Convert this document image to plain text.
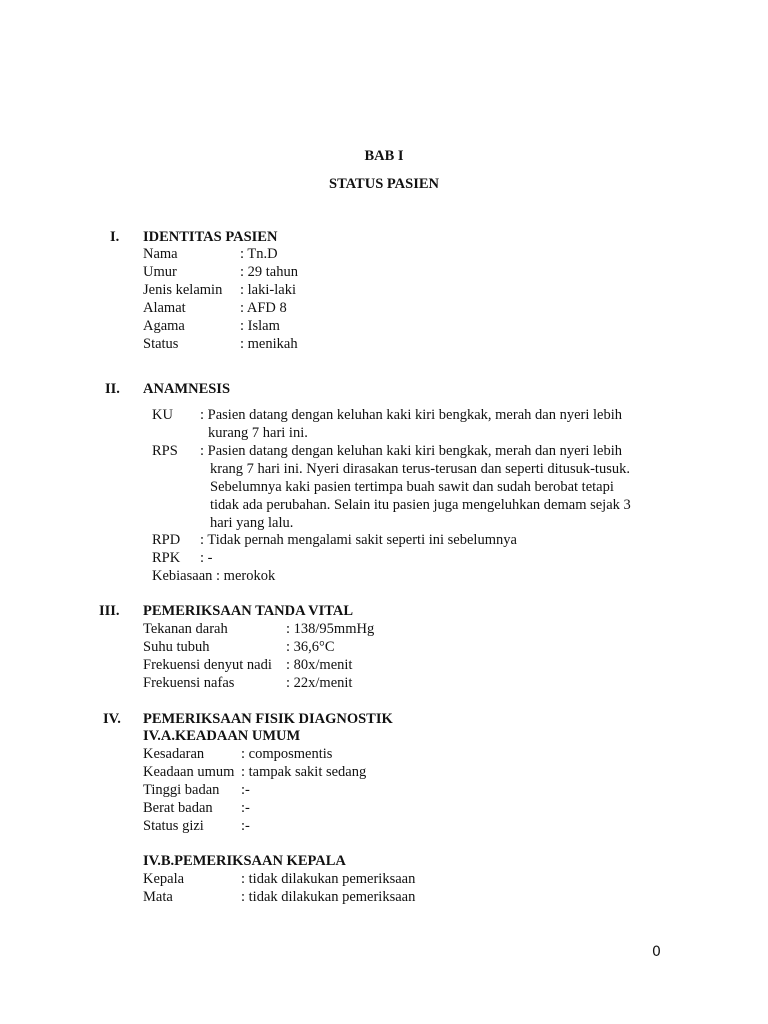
BAB I
STATUS PASIEN
I. IDENTITAS PASIEN
Nama	: Tn.D
Umur	: 29 tahun
Jenis kelamin : laki-laki
Alamat	: AFD 8
Agama	: Islam
Status	: menikah
II. ANAMNESIS
KU : Pasien datang dengan keluhan kaki kiri bengkak, merah dan nyeri lebih
kurang 7 hari ini.
RPS : Pasien datang dengan keluhan kaki kiri bengkak, merah dan nyeri lebih
krang 7 hari ini. Nyeri dirasakan terus-terusan dan seperti ditusuk-tusuk.
Sebelumnya kaki pasien tertimpa buah sawit dan sudah berobat tetapi
tidak ada perubahan. Selain itu pasien juga mengeluhkan demam sejak 3
hari yang lalu.
RPD : Tidak pernah mengalami sakit seperti ini sebelumnya
RPK : -
Kebiasaan : merokok
III. PEMERIKSAAN TANDA VITAL
Tekanan darah	: 138/95mmHg
Suhu tubuh	: 36,6°C
Frekuensi denyut nadi : 80x/menit
Frekuensi nafas	: 22x/menit
IV. PEMERIKSAAN FISIK DIAGNOSTIK
IV.A.KEADAAN UMUM
Kesadaran	: composmentis
Keadaan umum : tampak sakit sedang
Tinggi badan :-
Berat badan :-
Status gizi	:-
IV.B.PEMERIKSAAN KEPALA
Kepala	: tidak dilakukan pemeriksaan
Mata	: tidak dilakukan pemeriksaan
0
